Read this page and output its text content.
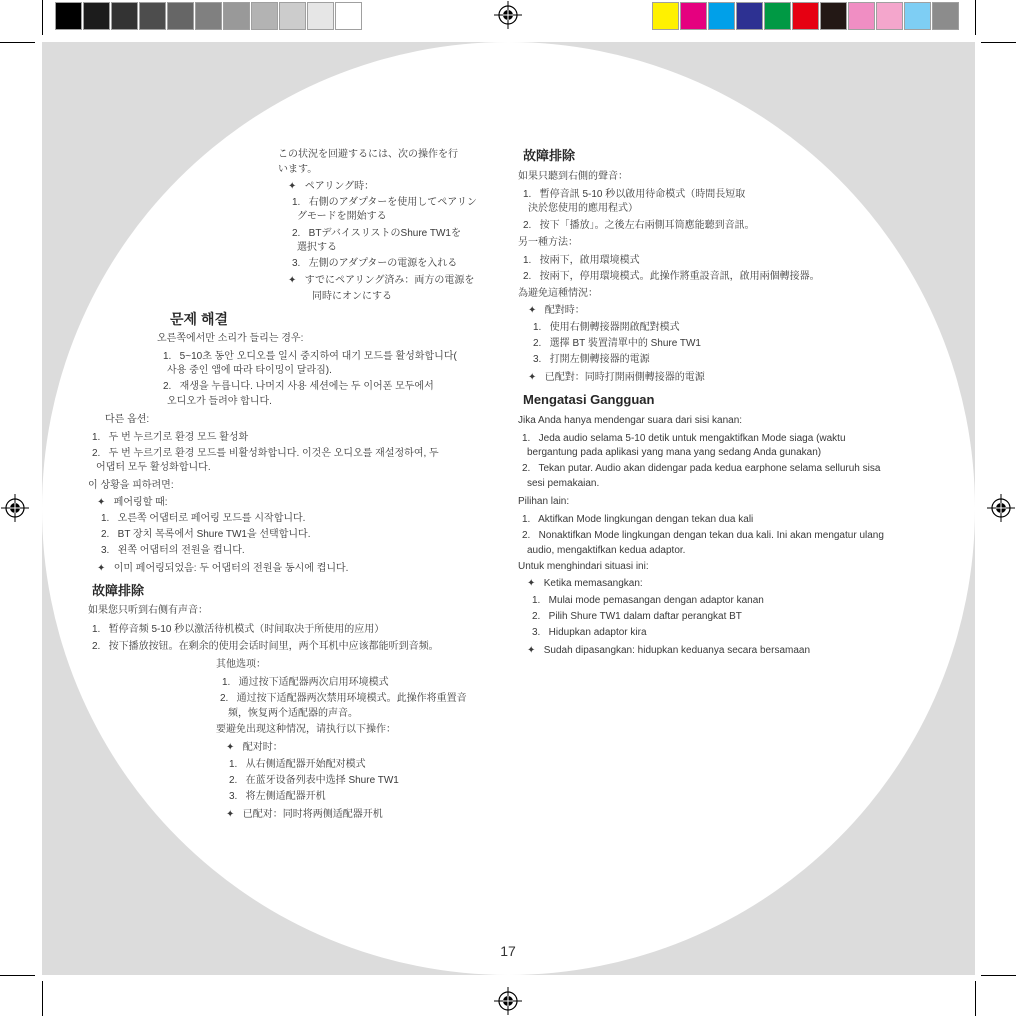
この状況を回避するには、次の操作を行
います。
✦   ペアリング時：
1.   右側のアダプターを使用してペアリン
グモードを開始する
2.   BTデバイスリストのShure TW1を
選択する
3.   左側のアダプターの電源を入れる
✦   すでにペアリング済み：両方の電源を
同時にオンにする
문제 해결
오른쪽에서만 소리가 들리는 경우:
1.   5~10초 동안 오디오를 일시 중지하여 대기 모드를 활성화합니다(
사용 중인 앱에 따라 타이밍이 달라짐).
2.   재생을 누릅니다. 나머지 사용 세션에는 두 이어폰 모두에서
오디오가 들려야 합니다.
다른 옵션:
1.   두 번 누르기로 환경 모드 활성화
2.   두 번 누르기로 환경 모드를 비활성화합니다. 이것은 오디오를 재설정하여, 두
어댑터 모두 활성화합니다.
이 상황을 피하려면:
✦   페어링할 때:
1.   오른쪽 어댑터로 페어링 모드를 시작합니다.
2.   BT 장치 목록에서 Shure TW1을 선택합니다.
3.   왼쪽 어댑터의 전원을 켭니다.
✦   이미 페어링되었음: 두 어댑터의 전원을 동시에 켭니다.
故障排除
如果您只听到右侧有声音：
1.   暂停音频 5-10 秒以激活待机模式（时间取决于所使用的应用）
2.   按下播放按钮。在剩余的使用会话时间里，两个耳机中应该都能听到音频。
其他选项：
1.   通过按下适配器两次启用环境模式
2.   通过按下适配器两次禁用环境模式。此操作将重置音
频，恢复两个适配器的声音。
要避免出现这种情况，请执行以下操作：
✦   配对时：
1.   从右侧适配器开始配对模式
2.   在蓝牙设备列表中选择 Shure TW1
3.   将左侧适配器开机
✦   已配对：同时将两侧适配器开机
故障排除
如果只聽到右側的聲音：
1.   暫停音訊 5-10 秒以啟用待命模式（時間長短取
決於您使用的應用程式）
2.   按下「播放」。之後左右兩側耳筒應能聽到音訊。
另一種方法：
1.   按兩下，啟用環境模式
2.   按兩下，停用環境模式。此操作將重設音訊，啟用兩個轉接器。
為避免這種情況：
✦   配對時：
1.   使用右側轉接器開啟配對模式
2.   選擇 BT 裝置清單中的 Shure TW1
3.   打開左側轉接器的電源
✦   已配對：同時打開兩側轉接器的電源
Mengatasi Gangguan
Jika Anda hanya mendengar suara dari sisi kanan:
1.   Jeda audio selama 5-10 detik untuk mengaktifkan Mode siaga (waktu
bergantung pada aplikasi yang mana yang sedang Anda gunakan)
2.   Tekan putar. Audio akan didengar pada kedua earphone selama selluruh sisa
sesi pemakaian.
Pilihan lain:
1.   Aktifkan Mode lingkungan dengan tekan dua kali
2.   Nonaktifkan Mode lingkungan dengan tekan dua kali. Ini akan mengatur ulang
audio, mengaktifkan kedua adaptor.
Untuk menghindari situasi ini:
✦   Ketika memasangkan:
1.   Mulai mode pemasangan dengan adaptor kanan
2.   Pilih Shure TW1 dalam daftar perangkat BT
3.   Hidupkan adaptor kira
✦   Sudah dipasangkan: hidupkan keduanya secara bersamaan
17
